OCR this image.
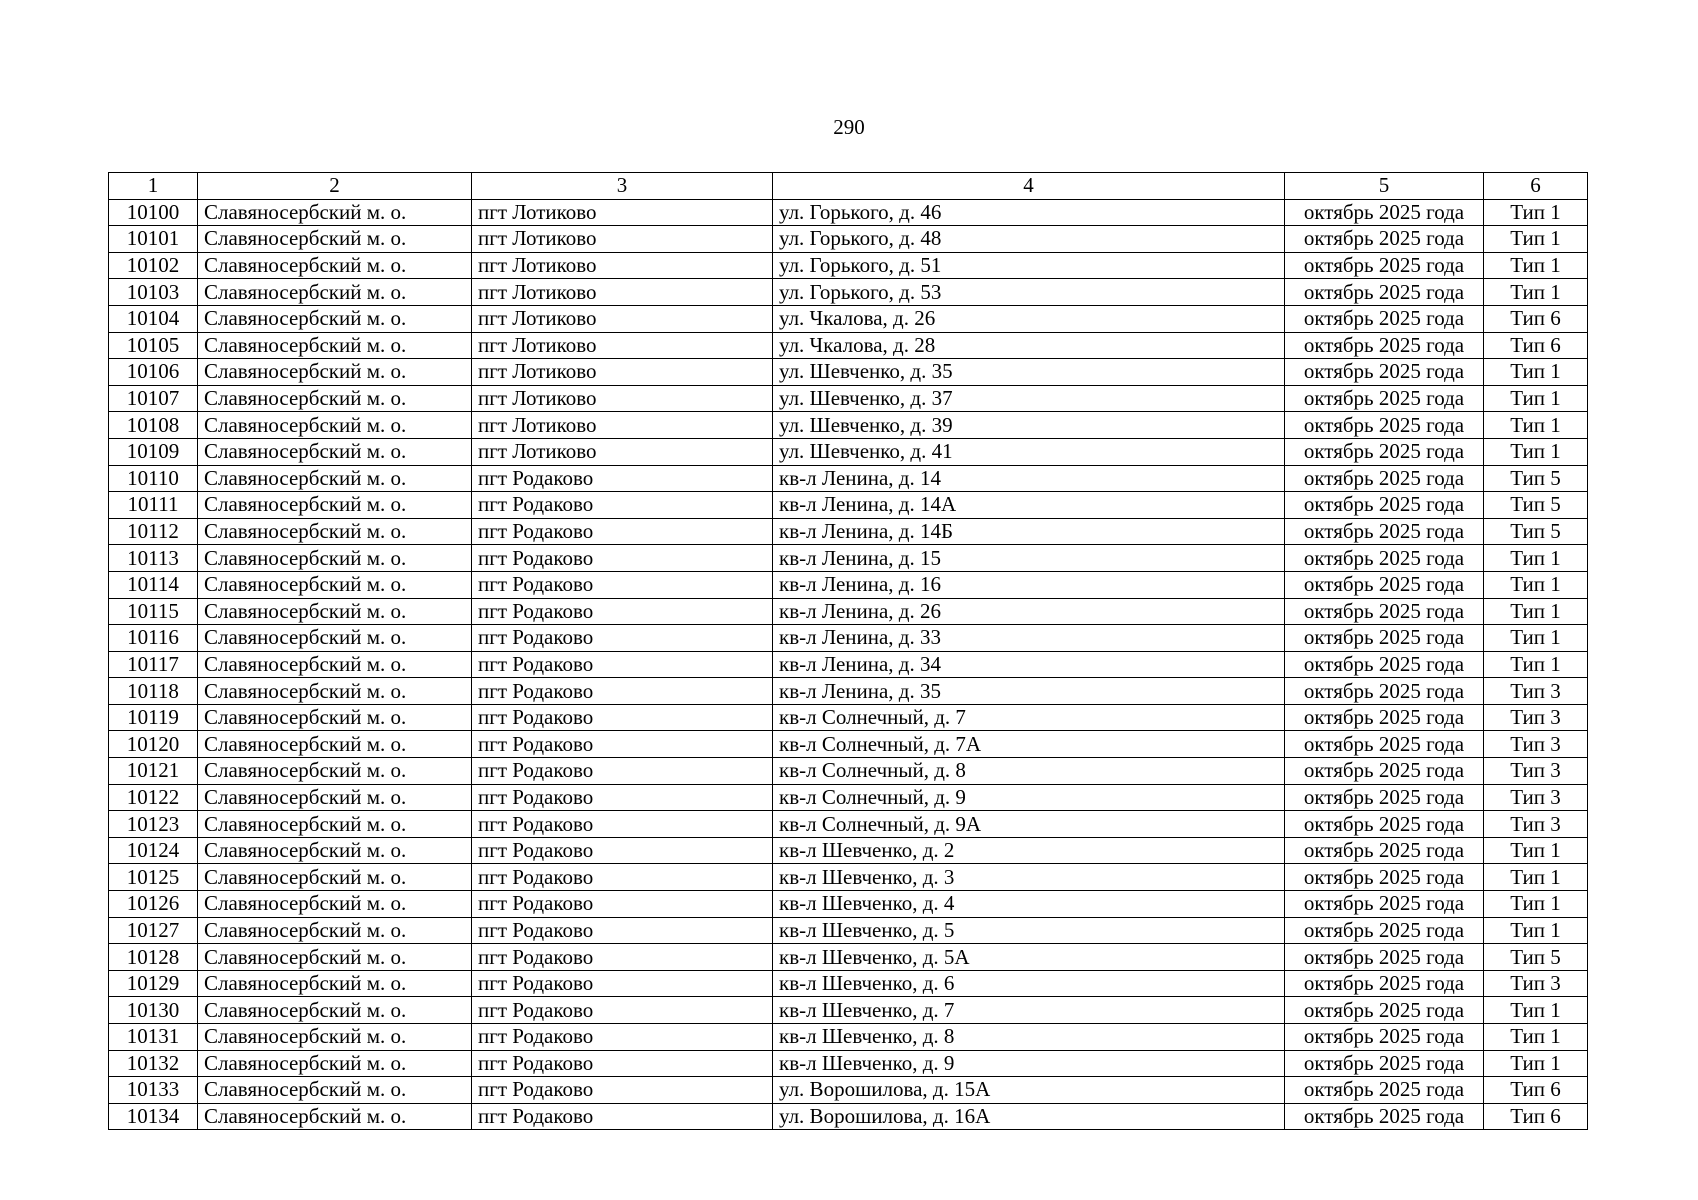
290
1	2	3	4	5	6
10100	Славяносербский м. о.	пгт Лотиково	ул. Горького, д. 46	октябрь 2025 года	Тип 1
10101	Славяносербский м. о.	пгт Лотиково	ул. Горького, д. 48	октябрь 2025 года	Тип 1
10102	Славяносербский м. о.	пгт Лотиково	ул. Горького, д. 51	октябрь 2025 года	Тип 1
10103	Славяносербский м. о.	пгт Лотиково	ул. Горького, д. 53	октябрь 2025 года	Тип 1
10104	Славяносербский м. о.	пгт Лотиково	ул. Чкалова, д. 26	октябрь 2025 года	Тип 6
10105	Славяносербский м. о.	пгт Лотиково	ул. Чкалова, д. 28	октябрь 2025 года	Тип 6
10106	Славяносербский м. о.	пгт Лотиково	ул. Шевченко, д. 35	октябрь 2025 года	Тип 1
10107	Славяносербский м. о.	пгт Лотиково	ул. Шевченко, д. 37	октябрь 2025 года	Тип 1
10108	Славяносербский м. о.	пгт Лотиково	ул. Шевченко, д. 39	октябрь 2025 года	Тип 1
10109	Славяносербский м. о.	пгт Лотиково	ул. Шевченко, д. 41	октябрь 2025 года	Тип 1
10110	Славяносербский м. о.	пгт Родаково	кв-л Ленина, д. 14	октябрь 2025 года	Тип 5
10111	Славяносербский м. о.	пгт Родаково	кв-л Ленина, д. 14А	октябрь 2025 года	Тип 5
10112	Славяносербский м. о.	пгт Родаково	кв-л Ленина, д. 14Б	октябрь 2025 года	Тип 5
10113	Славяносербский м. о.	пгт Родаково	кв-л Ленина, д. 15	октябрь 2025 года	Тип 1
10114	Славяносербский м. о.	пгт Родаково	кв-л Ленина, д. 16	октябрь 2025 года	Тип 1
10115	Славяносербский м. о.	пгт Родаково	кв-л Ленина, д. 26	октябрь 2025 года	Тип 1
10116	Славяносербский м. о.	пгт Родаково	кв-л Ленина, д. 33	октябрь 2025 года	Тип 1
10117	Славяносербский м. о.	пгт Родаково	кв-л Ленина, д. 34	октябрь 2025 года	Тип 1
10118	Славяносербский м. о.	пгт Родаково	кв-л Ленина, д. 35	октябрь 2025 года	Тип 3
10119	Славяносербский м. о.	пгт Родаково	кв-л Солнечный, д. 7	октябрь 2025 года	Тип 3
10120	Славяносербский м. о.	пгт Родаково	кв-л Солнечный, д. 7А	октябрь 2025 года	Тип 3
10121	Славяносербский м. о.	пгт Родаково	кв-л Солнечный, д. 8	октябрь 2025 года	Тип 3
10122	Славяносербский м. о.	пгт Родаково	кв-л Солнечный, д. 9	октябрь 2025 года	Тип 3
10123	Славяносербский м. о.	пгт Родаково	кв-л Солнечный, д. 9А	октябрь 2025 года	Тип 3
10124	Славяносербский м. о.	пгт Родаково	кв-л Шевченко, д. 2	октябрь 2025 года	Тип 1
10125	Славяносербский м. о.	пгт Родаково	кв-л Шевченко, д. 3	октябрь 2025 года	Тип 1
10126	Славяносербский м. о.	пгт Родаково	кв-л Шевченко, д. 4	октябрь 2025 года	Тип 1
10127	Славяносербский м. о.	пгт Родаково	кв-л Шевченко, д. 5	октябрь 2025 года	Тип 1
10128	Славяносербский м. о.	пгт Родаково	кв-л Шевченко, д. 5А	октябрь 2025 года	Тип 5
10129	Славяносербский м. о.	пгт Родаково	кв-л Шевченко, д. 6	октябрь 2025 года	Тип 3
10130	Славяносербский м. о.	пгт Родаково	кв-л Шевченко, д. 7	октябрь 2025 года	Тип 1
10131	Славяносербский м. о.	пгт Родаково	кв-л Шевченко, д. 8	октябрь 2025 года	Тип 1
10132	Славяносербский м. о.	пгт Родаково	кв-л Шевченко, д. 9	октябрь 2025 года	Тип 1
10133	Славяносербский м. о.	пгт Родаково	ул. Ворошилова, д. 15А	октябрь 2025 года	Тип 6
10134	Славяносербский м. о.	пгт Родаково	ул. Ворошилова, д. 16А	октябрь 2025 года	Тип 6
